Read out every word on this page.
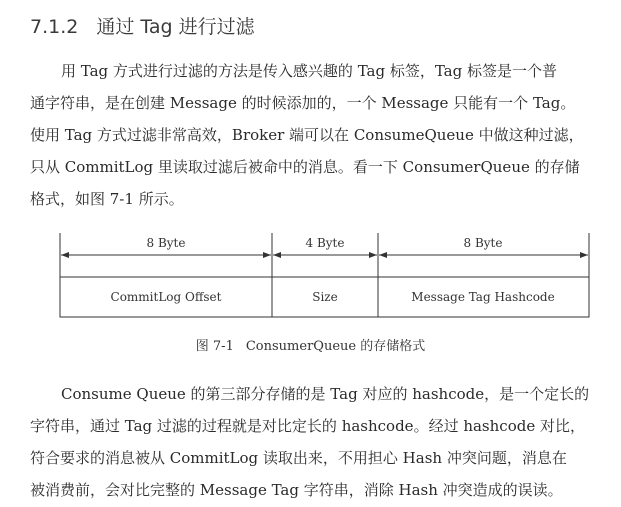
7.1.2 通过 Tag 进行过滤
用 Tag 方式进行过滤的方法是传入感兴趣的 Tag 标签，Tag 标签是一个普
通字符串，是在创建 Message 的时候添加的，一个 Message 只能有一个 Tag。
使用 Tag 方式过滤非常高效，Broker 端可以在 ConsumeQueue 中做这种过滤，
只从 CommitLog 里读取过滤后被命中的消息。看一下 ConsumerQueue 的存储
格式，如图 7-1 所示。
8 Byte	4 Byte	8 Byte
CommitLog Offset	Size	Message Tag Hashcode
图 7-1 ConsumerQueue 的存储格式
Consume Queue 的第三部分存储的是 Tag 对应的 hashcode，是一个定长的
字符串，通过 Tag 过滤的过程就是对比定长的 hashcode。经过 hashcode 对比，
符合要求的消息被从 CommitLog 读取出来，不用担心 Hash 冲突问题，消息在
被消费前，会对比完整的 Message Tag 字符串，消除 Hash 冲突造成的误读。
